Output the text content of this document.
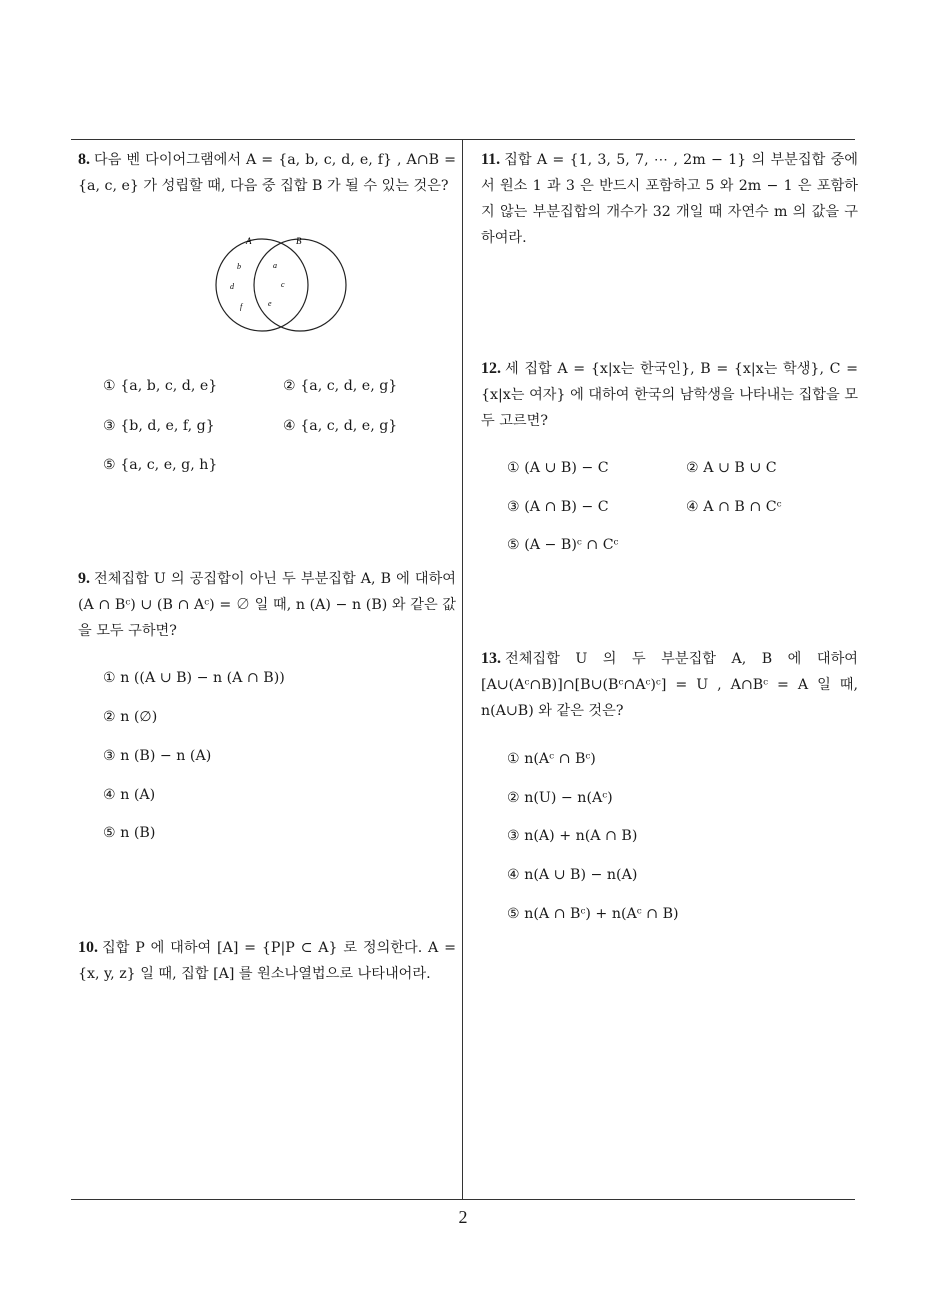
8. 다음 벤 다이어그램에서 A = {a, b, c, d, e, f} , A∩B = {a, c, e} 가 성립할 때, 다음 중 집합 B 가 될 수 있는 것은?
A	B
b	a
d	c
f	e
① {a, b, c, d, e}	② {a, c, d, e, g}
③ {b, d, e, f, g}	④ {a, c, d, e, g}
⑤ {a, c, e, g, h}
9. 전체집합 U 의 공집합이 아닌 두 부분집합 A, B 에 대하여 (A ∩ Bᶜ) ∪ (B ∩ Aᶜ) = ∅ 일 때, n (A) − n (B) 와 같은 값을 모두 구하면?
① n ((A ∪ B) − n (A ∩ B))
② n (∅)
③ n (B) − n (A)
④ n (A)
⑤ n (B)
10. 집합 P 에 대하여 [A] = {P|P ⊂ A} 로 정의한다. A = {x, y, z} 일 때, 집합 [A] 를 원소나열법으로 나타내어라.
11. 집합 A = {1, 3, 5, 7, ⋯ , 2m − 1} 의 부분집합 중에서 원소 1 과 3 은 반드시 포함하고 5 와 2m − 1 은 포함하지 않는 부분집합의 개수가 32 개일 때 자연수 m 의 값을 구하여라.
12. 세 집합 A = {x|x는 한국인}, B = {x|x는 학생}, C = {x|x는 여자} 에 대하여 한국의 남학생을 나타내는 집합을 모두 고르면?
① (A ∪ B) − C	② A ∪ B ∪ C
③ (A ∩ B) − C	④ A ∩ B ∩ Cᶜ
⑤ (A − B)ᶜ ∩ Cᶜ
13. 전체집합 U 의 두 부분집합 A, B 에 대하여 [A∪(Aᶜ∩B)]∩[B∪(Bᶜ∩Aᶜ)ᶜ] = U , A∩Bᶜ = A 일 때, n(A∪B) 와 같은 것은?
① n(Aᶜ ∩ Bᶜ)
② n(U) − n(Aᶜ)
③ n(A) + n(A ∩ B)
④ n(A ∪ B) − n(A)
⑤ n(A ∩ Bᶜ) + n(Aᶜ ∩ B)
2
